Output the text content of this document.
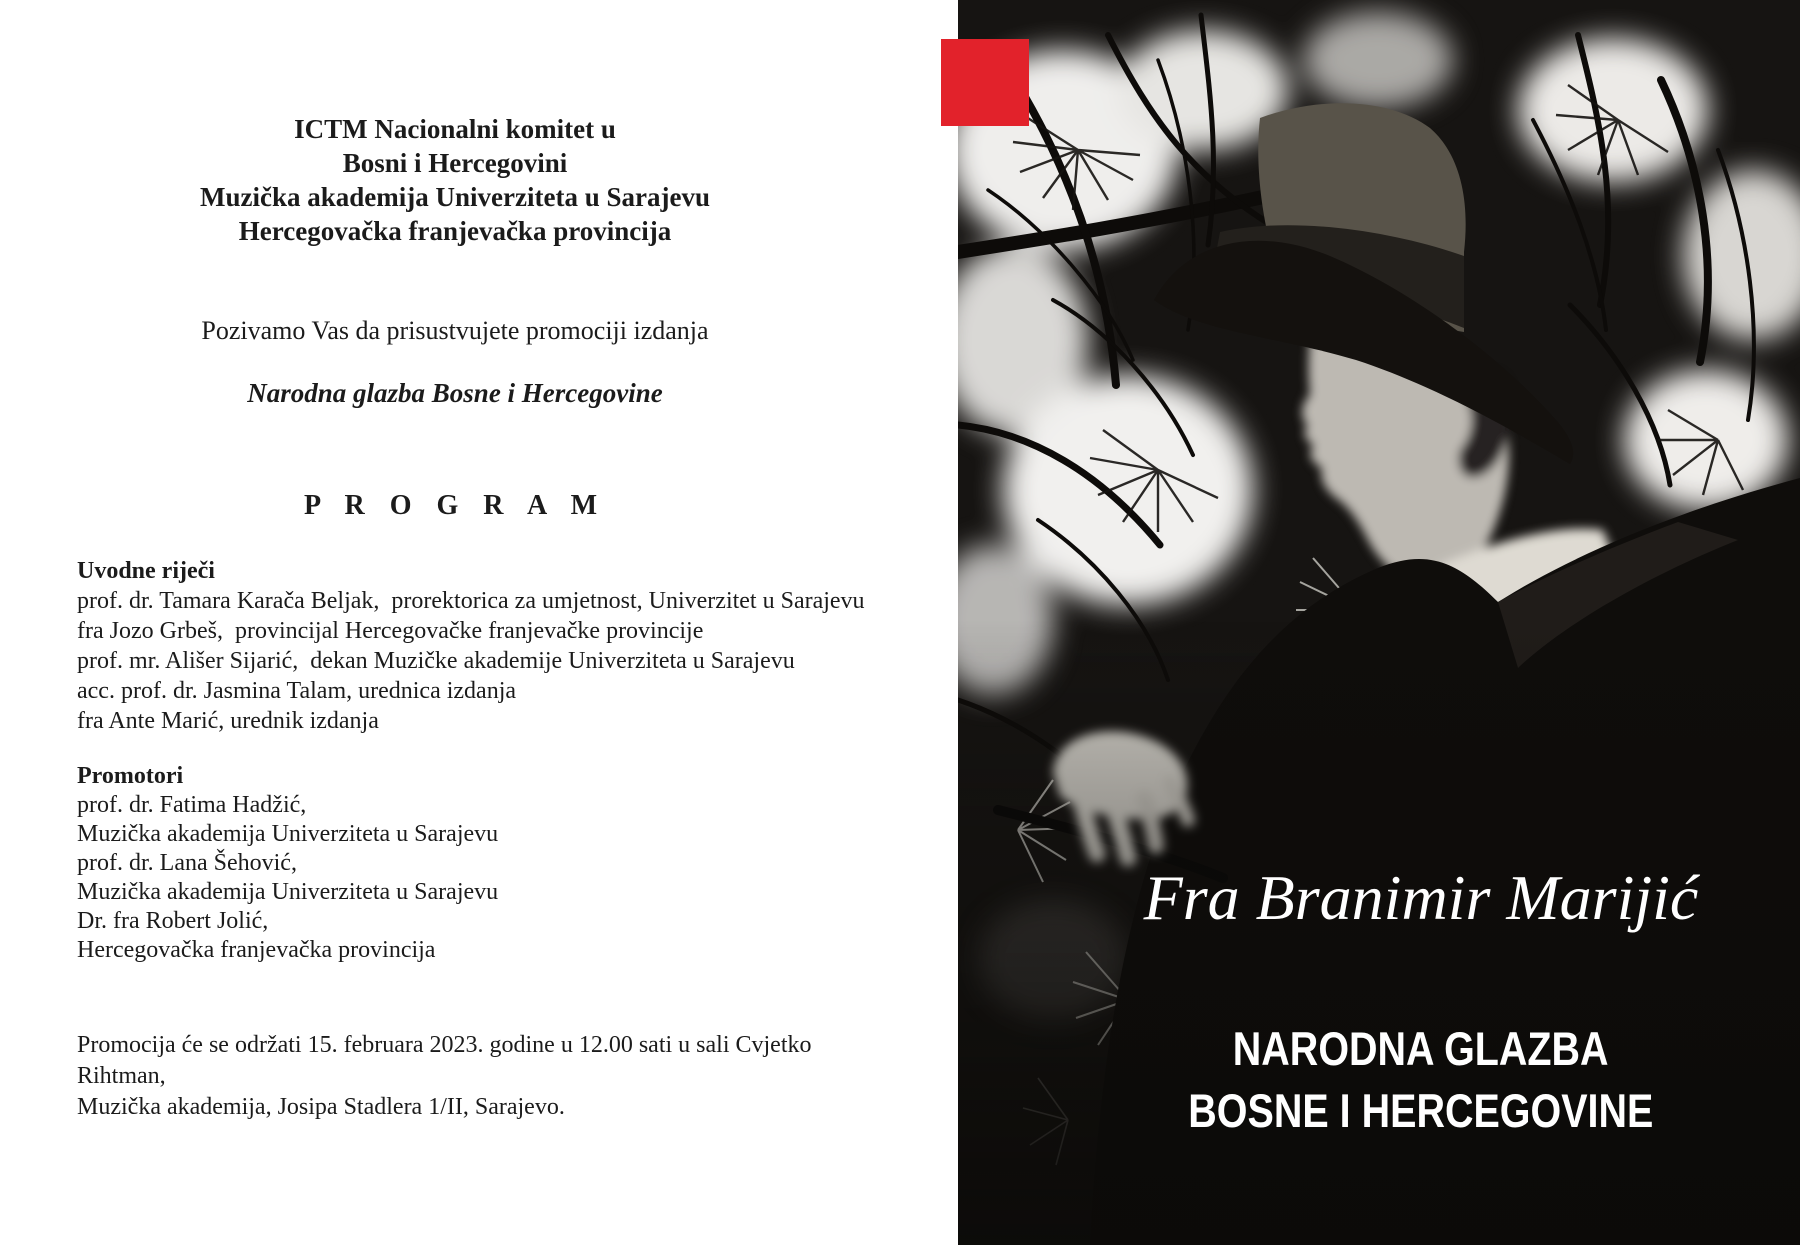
ICTM Nacionalni komitet u
Bosni i Hercegovini
Muzička akademija Univerziteta u Sarajevu
Hercegovačka franjevačka provincija
Pozivamo Vas da prisustvujete promociji izdanja
Narodna glazba Bosne i Hercegovine
P R O G R A M
Uvodne riječi
prof. dr. Tamara Karača Beljak,  prorektorica za umjetnost, Univerzitet u Sarajevu
fra Jozo Grbeš,  provincijal Hercegovačke franjevačke provincije
prof. mr. Ališer Sijarić,  dekan Muzičke akademije Univerziteta u Sarajevu
acc. prof. dr. Jasmina Talam, urednica izdanja
fra Ante Marić, urednik izdanja
Promotori
prof. dr. Fatima Hadžić,
Muzička akademija Univerziteta u Sarajevu
prof. dr. Lana Šehović,
Muzička akademija Univerziteta u Sarajevu
Dr. fra Robert Jolić,
Hercegovačka franjevačka provincija
Promocija će se održati 15. februara 2023. godine u 12.00 sati u sali Cvjetko Rihtman,
Muzička akademija, Josipa Stadlera 1/II, Sarajevo.
Fra Branimir Marijić
NARODNA GLAZBA
BOSNE I HERCEGOVINE
